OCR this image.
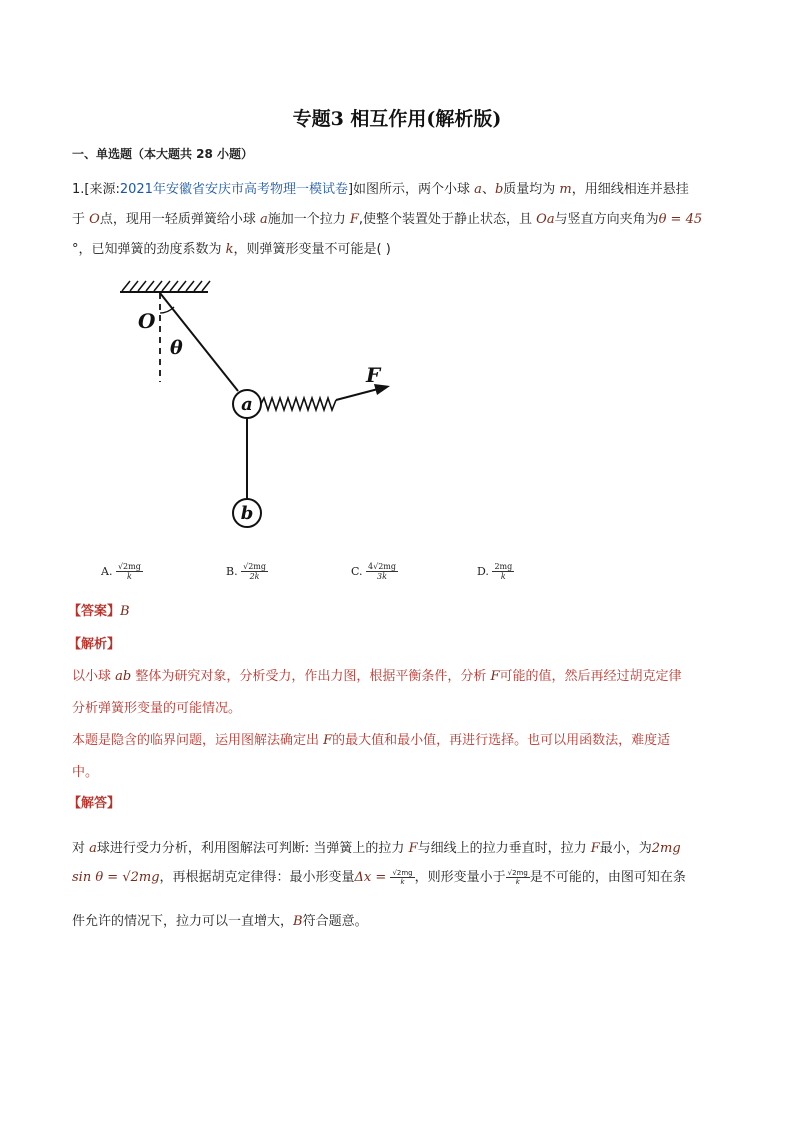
专题3 相互作用(解析版)
一、单选题（本大题共 28 小题）
1.[来源:2021年安徽省安庆市高考物理一模试卷]如图所示，两个小球 a、b质量均为 m，用细线相连并悬挂
于 O点，现用一轻质弹簧给小球 a施加一个拉力 F,使整个装置处于静止状态，且 Oa与竖直方向夹角为θ = 45
°，已知弹簧的劲度系数为 k，则弹簧形变量不可能是( )
O
θ
a
b
F
A. $\frac{√2mg}{k}$	B. $\frac{√2mg}{2k}$	C. $\frac{4√2mg}{3k}$	D. $\frac{2mg}{k}$
【答案】B
【解析】
以小球 ab 整体为研究对象，分析受力，作出力图，根据平衡条件，分析 F可能的值，然后再经过胡克定律
分析弹簧形变量的可能情况。
本题是隐含的临界问题，运用图解法确定出 F的最大值和最小值，再进行选择。也可以用函数法，难度适
中。
【解答】
对 a球进行受力分析，利用图解法可判断: 当弹簧上的拉力 F与细线上的拉力垂直时，拉力 F最小，为2mg
sin θ = √2mg，再根据胡克定律得：最小形变量$\Delta x = \frac{√2mg}{k}$ ，则形变量小于 $\frac{√2mg}{k}$ 是不可能的，由图可知在条
件允许的情况下，拉力可以一直增大，B符合题意。
